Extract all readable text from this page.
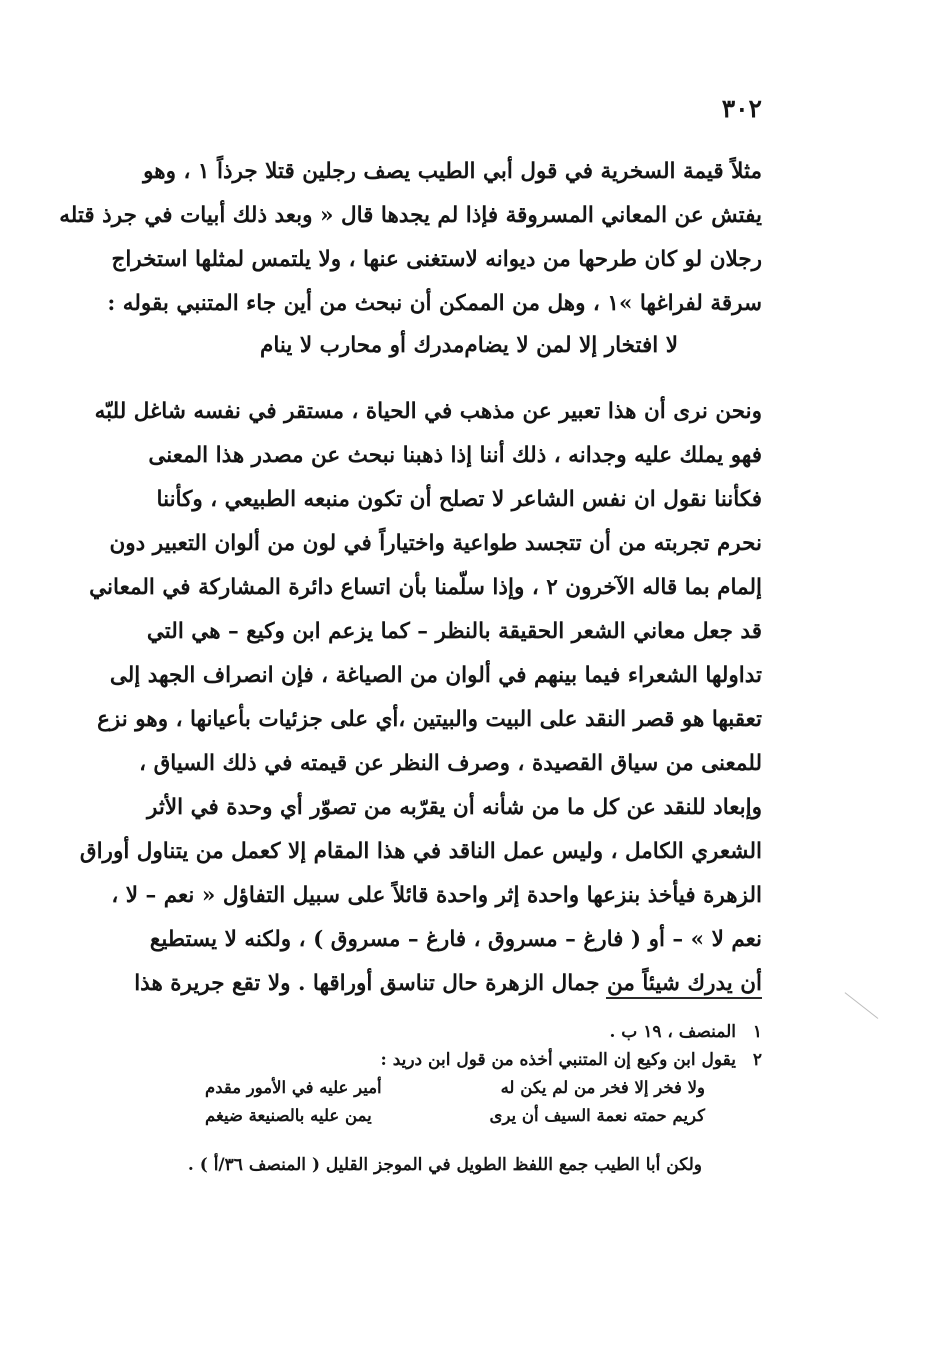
٣٠٢
مثلاً قيمة السخرية في قول أبي الطيب يصف رجلين قتلا جرذاً ١ ، وهو
يفتش عن المعاني المسروقة فإذا لم يجدها قال « وبعد ذلك أبيات في جرذ قتله
رجلان لو كان طرحها من ديوانه لاستغنى عنها ، ولا يلتمس لمثلها استخراج
سرقة لفراغها »١ ، وهل من الممكن أن نبحث من أين جاء المتنبي بقوله :
لا افتخار إلا لمن لا يضام
مدرك أو محارب لا ينام
ونحن نرى أن هذا تعبير عن مذهب في الحياة ، مستقر في نفسه شاغل للبّه
فهو يملك عليه وجدانه ، ذلك أننا إذا ذهبنا نبحث عن مصدر هذا المعنى
فكأننا نقول ان نفس الشاعر لا تصلح أن تكون منبعه الطبيعي ، وكأننا
نحرم تجربته من أن تتجسد طواعية واختياراً في لون من ألوان التعبير دون
إلمام بما قاله الآخرون ٢ ، وإذا سلّمنا بأن اتساع دائرة المشاركة في المعاني
قد جعل معاني الشعر الحقيقة بالنظر – كما يزعم ابن وكيع – هي التي
تداولها الشعراء فيما بينهم في ألوان من الصياغة ، فإن انصراف الجهد إلى
تعقبها هو قصر النقد على البيت والبيتين ،أي على جزئيات بأعيانها ، وهو نزع
للمعنى من سياق القصيدة ، وصرف النظر عن قيمته في ذلك السياق ،
وإبعاد للنقد عن كل ما من شأنه أن يقرّبه من تصوّر أي وحدة في الأثر
الشعري الكامل ، وليس عمل الناقد في هذا المقام إلا كعمل من يتناول أوراق
الزهرة فيأخذ بنزعها واحدة إثر واحدة قائلاً على سبيل التفاؤل « نعم – لا ،
نعم لا » – أو ( فارغ – مسروق ، فارغ – مسروق ) ، ولكنه لا يستطيع
أن يدرك شيئاً من جمال الزهرة حال تناسق أوراقها . ولا تقع جريرة هذا
١المنصف ، ١٩ ب .
٢يقول ابن وكيع إن المتنبي أخذه من قول ابن دريد :
ولا فخر إلا فخر من لم يكن له
أمير عليه في الأمور مقدم
كريم حمته نعمة السيف أن يرى
يمن عليه بالصنيعة ضيغم
ولكن أبا الطيب جمع اللفظ الطويل في الموجز القليل ( المنصف ٣٦/أ ) .
